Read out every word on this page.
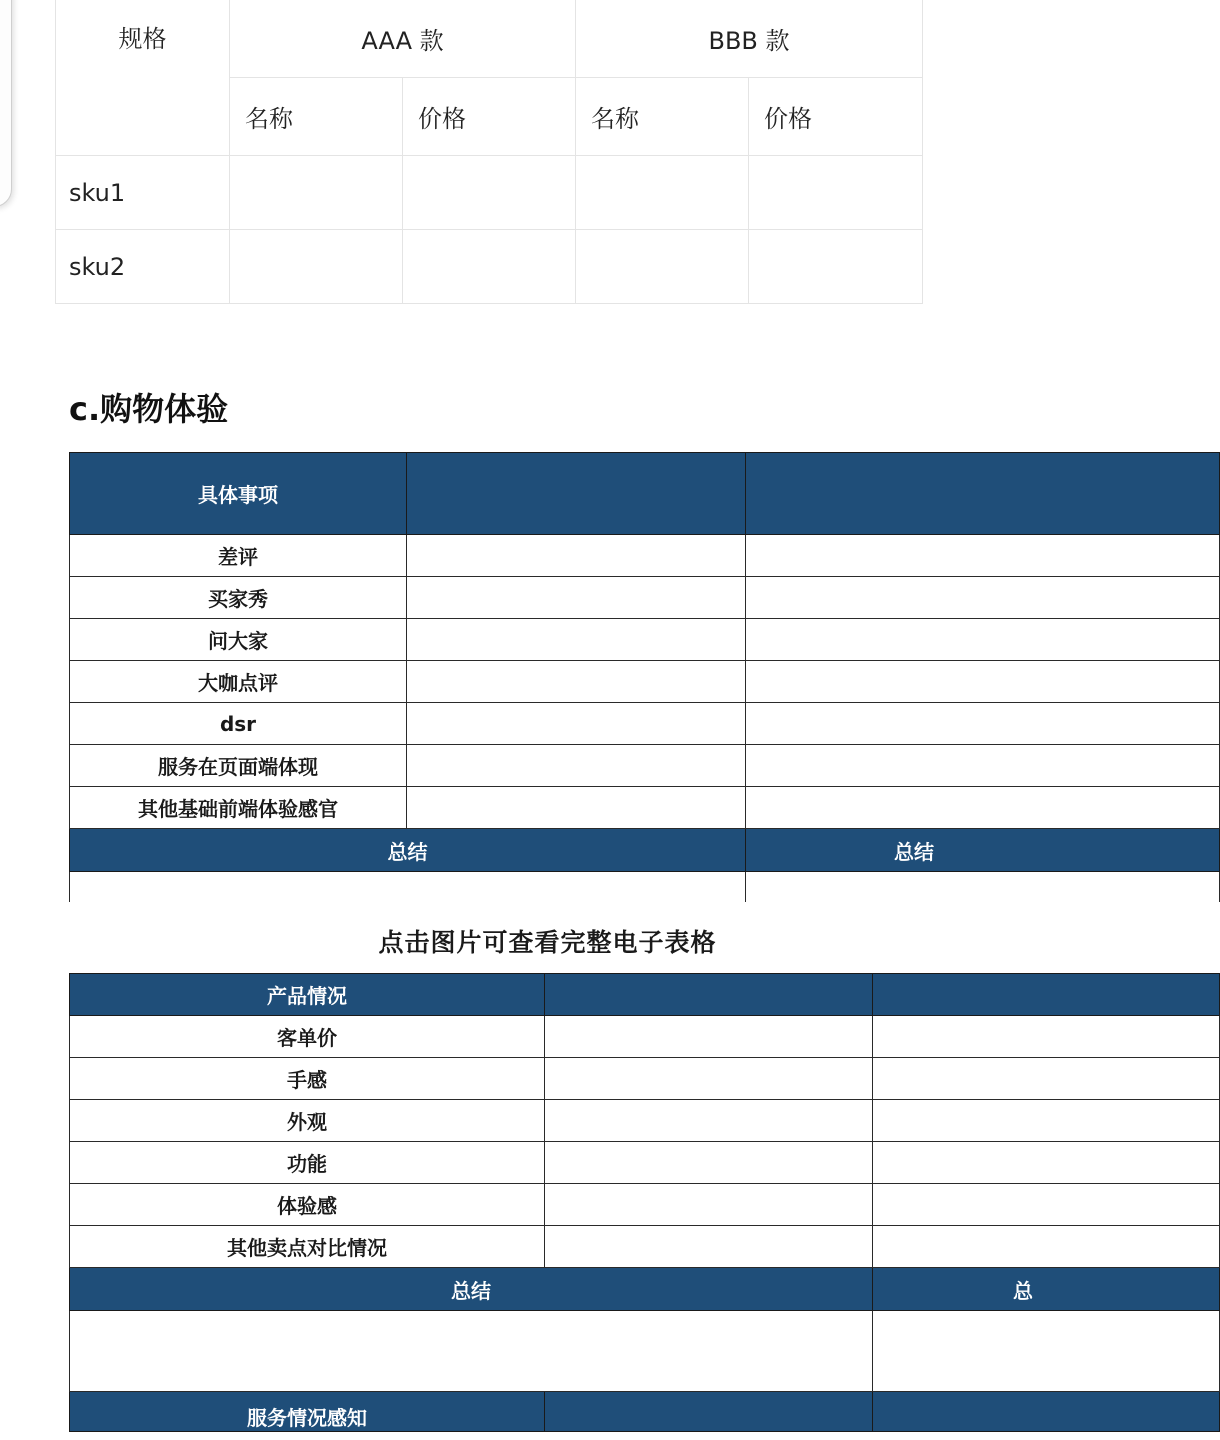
规格	AAA 款		BBB 款	
	名称	价格	名称	价格
sku1				
sku2				
c.购物体验
具体事项		
差评		
买家秀		
问大家		
大咖点评		
dsr		
服务在页面端体现		
其他基础前端体验感官		
总结		总结

点击图片可查看完整电子表格
产品情况		
客单价		
手感		
外观		
功能		
体验感		
其他卖点对比情况		
总结		总

服务情况感知		
